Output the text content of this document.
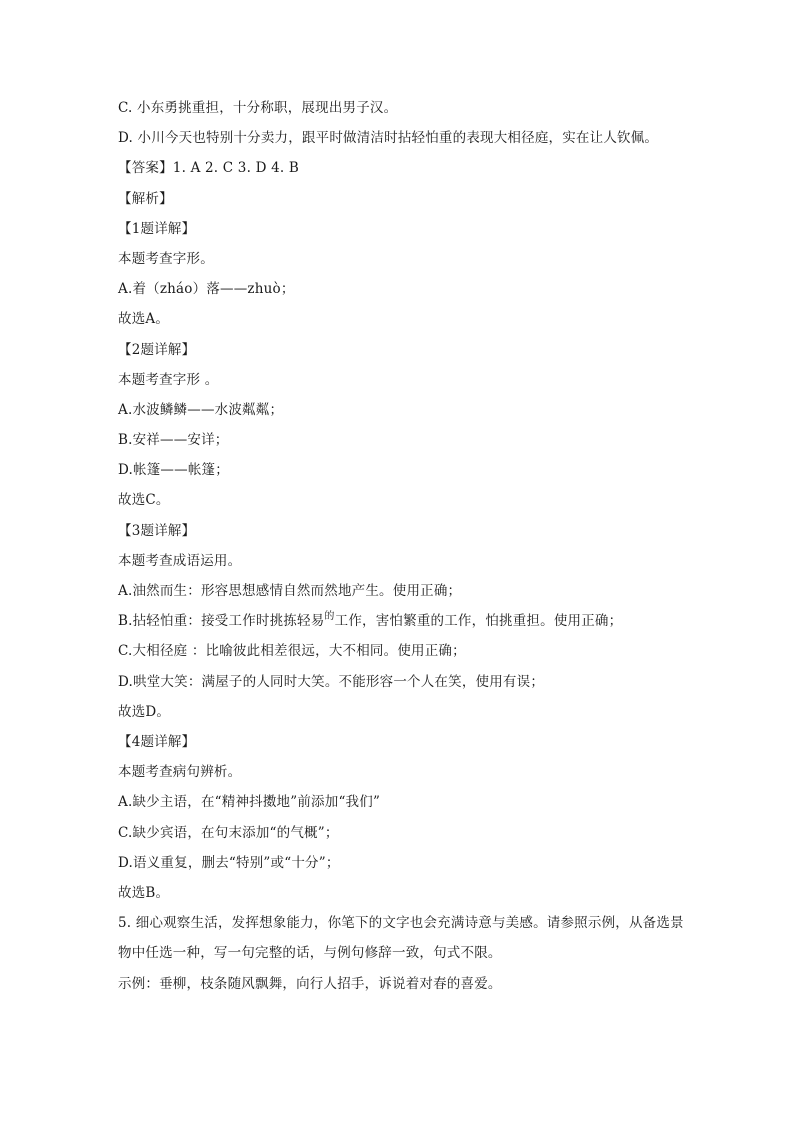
C. 小东勇挑重担，十分称职，展现出男子汉。
D. 小川今天也特别十分卖力，跟平时做清洁时拈轻怕重的表现大相径庭，实在让人钦佩。
【答案】1. A 2. C 3. D 4. B
【解析】
【1题详解】
本题考查字形。
A.着（zháo）落——zhuò；
故选A。
【2题详解】
本题考查字形 。
A.水波鳞鳞——水波粼粼；
B.安祥——安详；
D.帐篷——帐篷；
故选C。
【3题详解】
本题考查成语运用。
A.油然而生：形容思想感情自然而然地产生。使用正确；
B.拈轻怕重：接受工作时挑拣轻易$^的$工作，害怕繁重的工作，怕挑重担。使用正确；
C.大相径庭 ：比喻彼此相差很远，大不相同。使用正确；
D.哄堂大笑：满屋子的人同时大笑。不能形容一个人在笑，使用有误；
故选D。
【4题详解】
本题考查病句辨析。
A.缺少主语，在“精神抖擞地”前添加“我们”
C.缺少宾语，在句末添加“的气概”；
D.语义重复，删去“特别”或“十分”；
故选B。
5. 细心观察生活，发挥想象能力，你笔下的文字也会充满诗意与美感。请参照示例，从备选景物中任选一种，写一句完整的话，与例句修辞一致，句式不限。
示例：垂柳，枝条随风飘舞，向行人招手，诉说着对春的喜爱。
